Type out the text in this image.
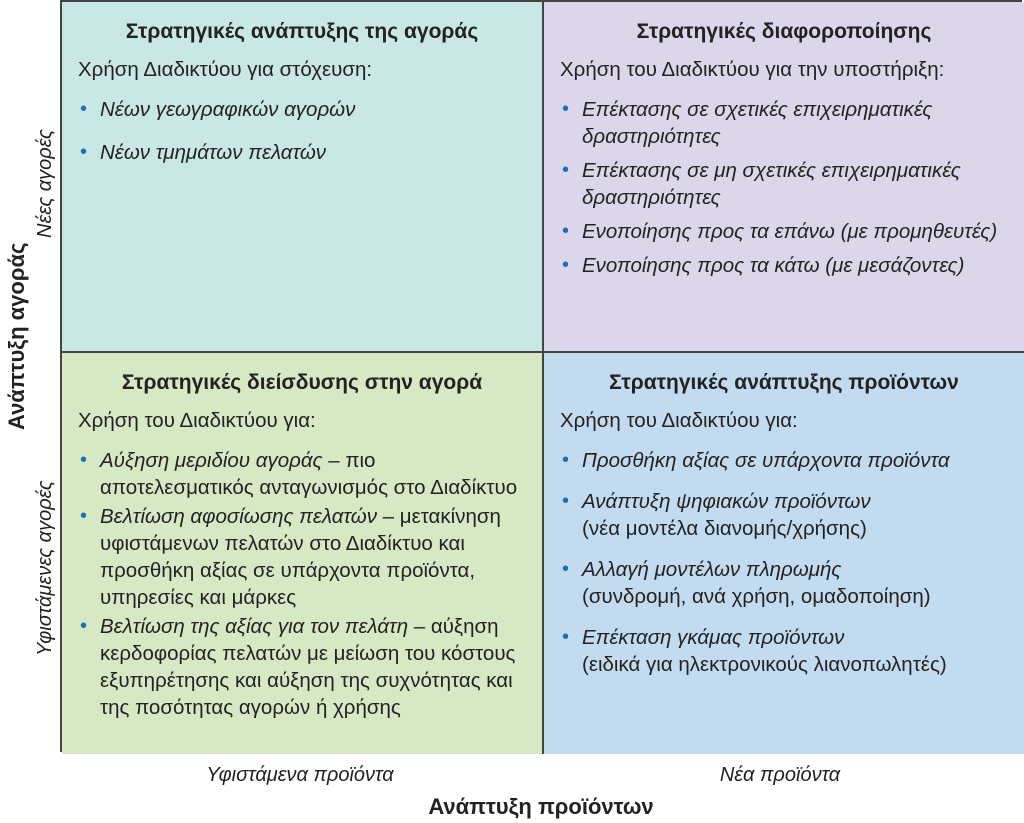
Ανάπτυξη αγοράς
Νέες αγορές
Υφιστάμενες αγορές
Στρατηγικές ανάπτυξης της αγοράς
Χρήση Διαδικτύου για στόχευση:
• Νέων γεωγραφικών αγορών
• Νέων τμημάτων πελατών
Στρατηγικές διαφοροποίησης
Χρήση του Διαδικτύου για την υποστήριξη:
• Επέκτασης σε σχετικές επιχειρηματικές δραστηριότητες
• Επέκτασης σε μη σχετικές επιχειρηματικές δραστηριότητες
• Ενοποίησης προς τα επάνω (με προμηθευτές)
• Ενοποίησης προς τα κάτω (με μεσάζοντες)
Στρατηγικές διείσδυσης στην αγορά
Χρήση του Διαδικτύου για:
• Αύξηση μεριδίου αγοράς – πιο αποτελεσματικός ανταγωνισμός στο Διαδίκτυο
• Βελτίωση αφοσίωσης πελατών – μετακίνηση υφιστάμενων πελατών στο Διαδίκτυο και προσθήκη αξίας σε υπάρχοντα προϊόντα, υπηρεσίες και μάρκες
• Βελτίωση της αξίας για τον πελάτη – αύξηση κερδοφορίας πελατών με μείωση του κόστους εξυπηρέτησης και αύξηση της συχνότητας και της ποσότητας αγορών ή χρήσης
Στρατηγικές ανάπτυξης προϊόντων
Χρήση του Διαδικτύου για:
• Προσθήκη αξίας σε υπάρχοντα προϊόντα
• Ανάπτυξη ψηφιακών προϊόντων
(νέα μοντέλα διανομής/χρήσης)
• Αλλαγή μοντέλων πληρωμής
(συνδρομή, ανά χρήση, ομαδοποίηση)
• Επέκταση γκάμας προϊόντων
(ειδικά για ηλεκτρονικούς λιανοπωλητές)
Υφιστάμενα προϊόντα	Νέα προϊόντα
Ανάπτυξη προϊόντων
